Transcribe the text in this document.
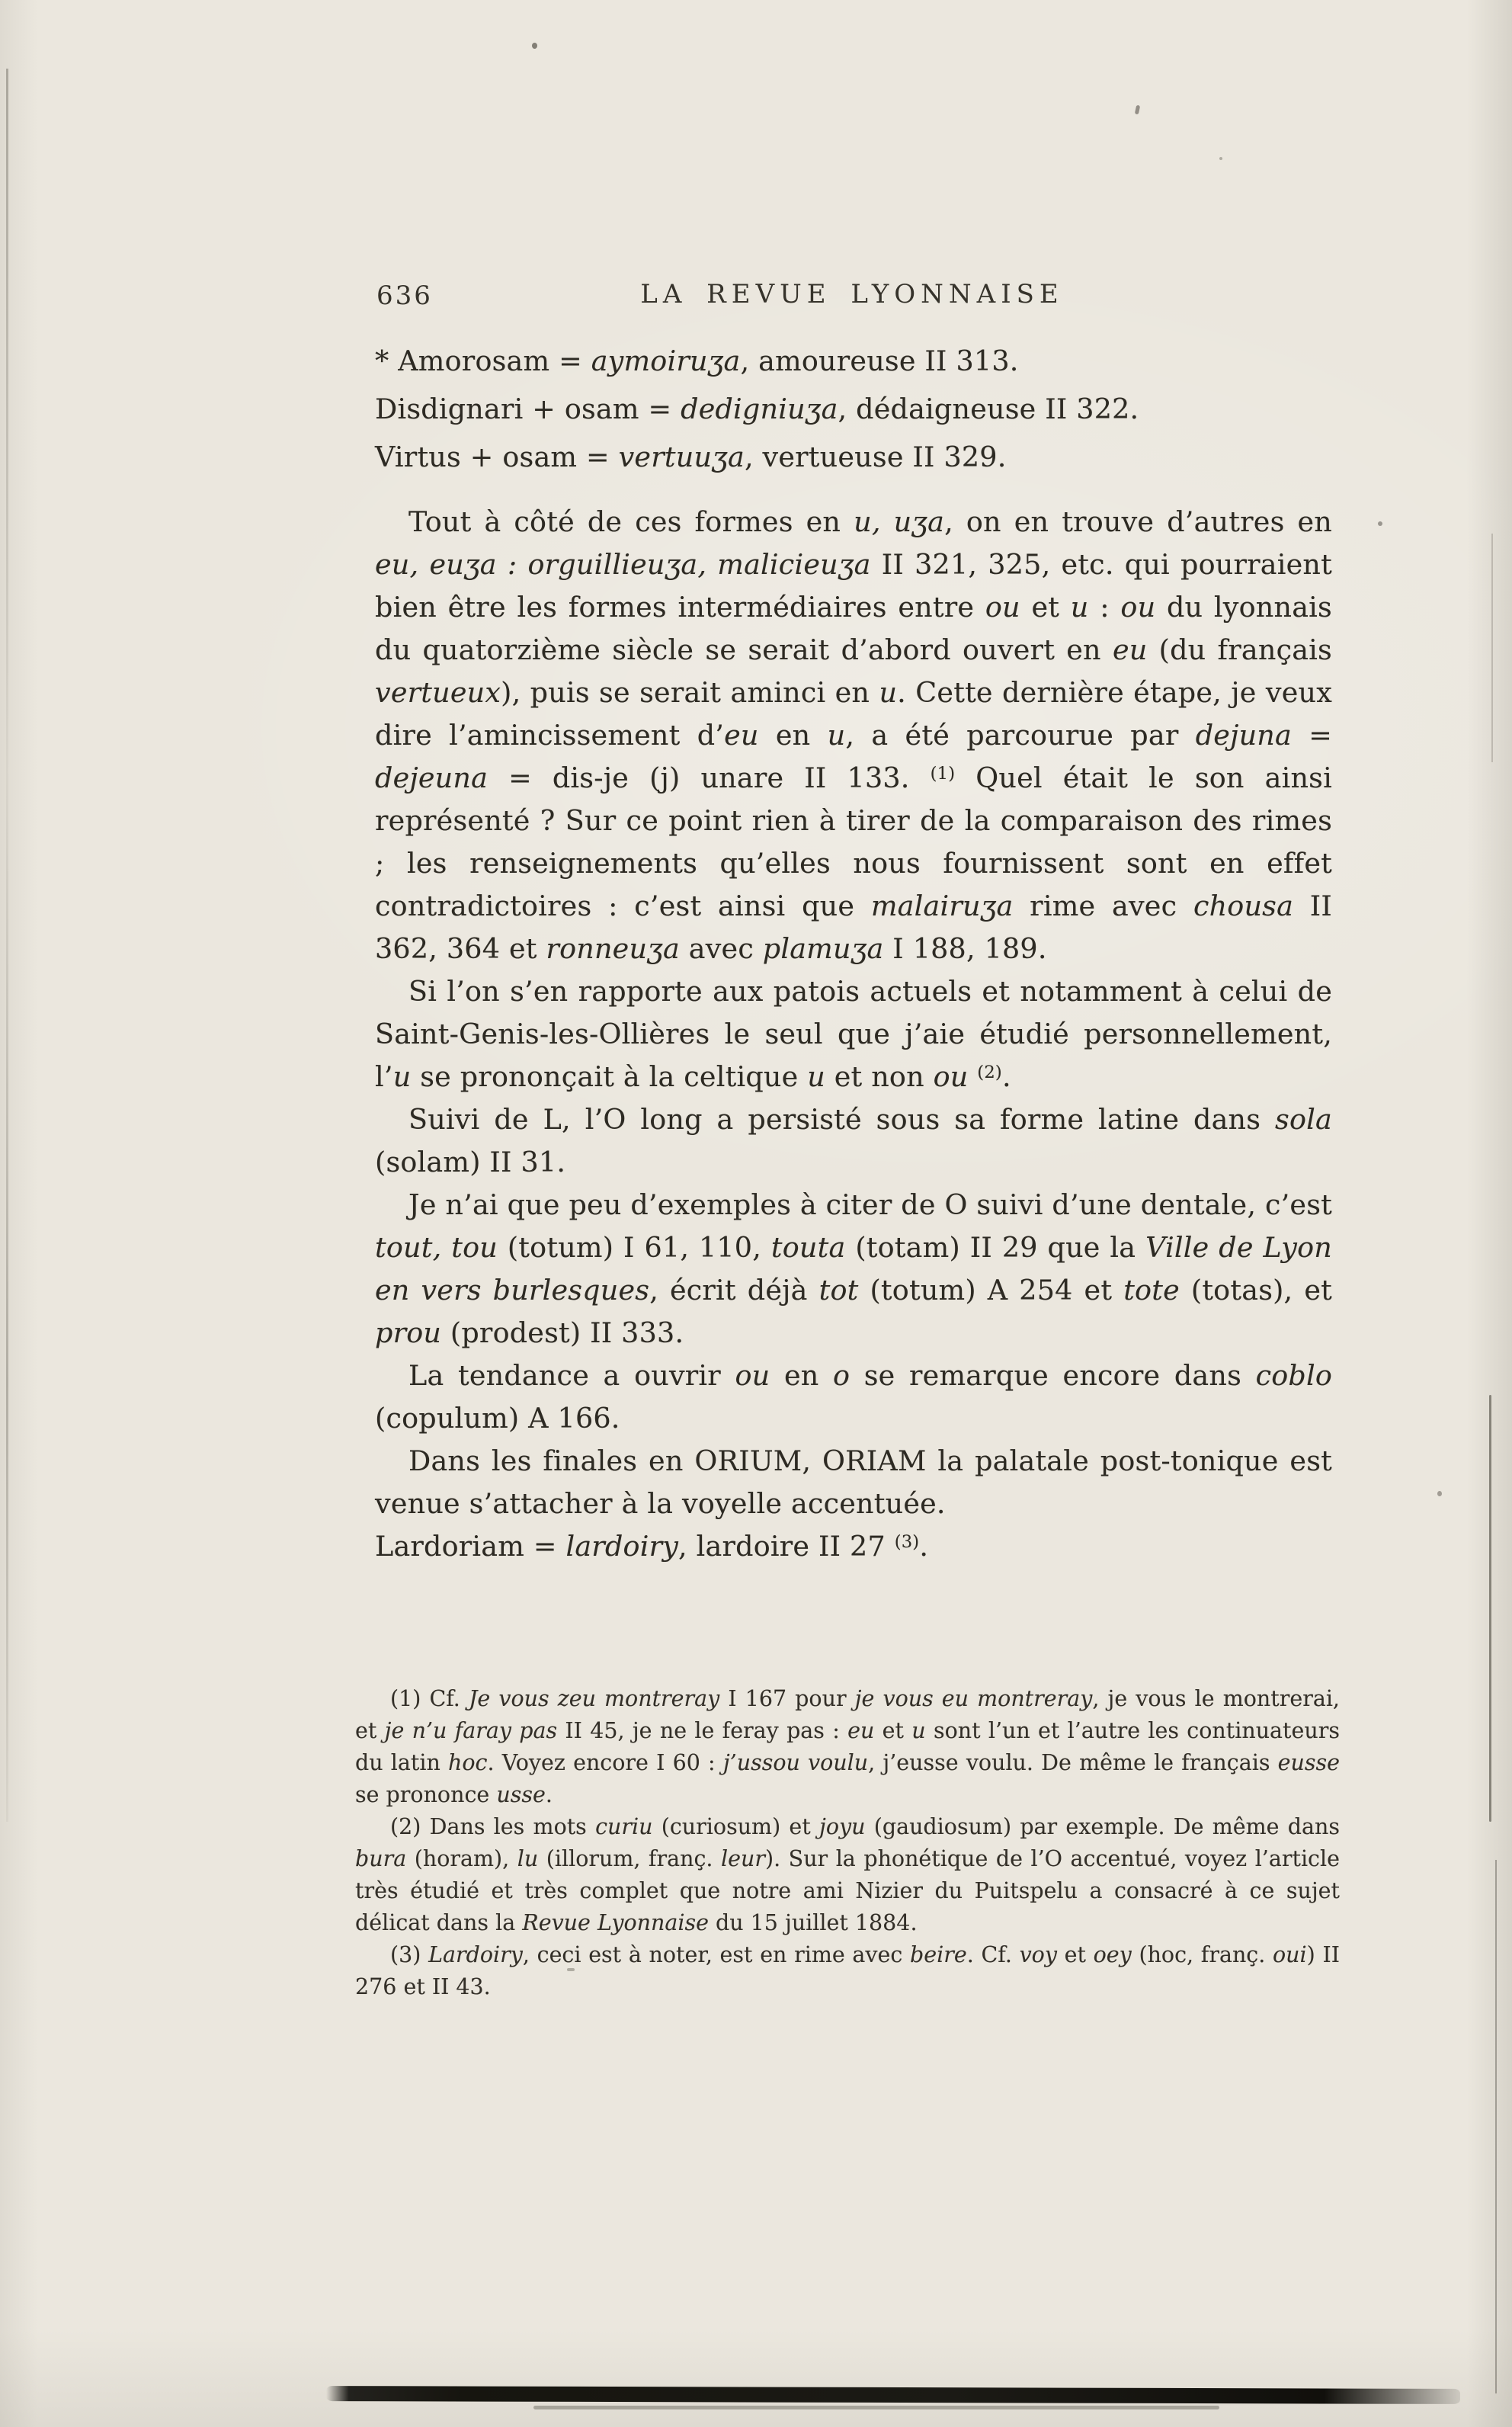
636	LA REVUE LYONNAISE

* Amorosam = aymoiruʒa, amoureuse II 313.

Disdignari + osam = dedigniuʒa, dédaigneuse II 322.

Virtus + osam = vertuuʒa, vertueuse II 329.

Tout à côté de ces formes en u, uʒa, on en trouve d’autres en eu, euʒa : orguillieuʒa, malicieuʒa II 321, 325, etc. qui pourraient bien être les formes intermédiaires entre ou et u : ou du lyonnais du quatorzième siècle se serait d’abord ouvert en eu (du français vertueux), puis se serait aminci en u. Cette dernière étape, je veux dire l’amincissement d’eu en u, a été parcourue par dejuna = dejeuna = dis-je (j) unare II 133. $^{(1)}$ Quel était le son ainsi représenté ? Sur ce point rien à tirer de la comparaison des rimes ; les renseignements qu’elles nous fournissent sont en effet contradictoires : c’est ainsi que malairuʒa rime avec chousa II 362, 364 et ronneuʒa avec plamuʒa I 188, 189.

Si l’on s’en rapporte aux patois actuels et notamment à celui de Saint-Genis-les-Ollières le seul que j’aie étudié personnellement, l’u se prononçait à la celtique u et non ou $^{(2)}$.

Suivi de L, l’O long a persisté sous sa forme latine dans sola (solam) II 31.

Je n’ai que peu d’exemples à citer de O suivi d’une dentale, c’est tout, tou (totum) I 61, 110, touta (totam) II 29 que la Ville de Lyon en vers burlesques, écrit déjà tot (totum) A 254 et tote (totas), et prou (prodest) II 333.

La tendance a ouvrir ou en o se remarque encore dans coblo (copulum) A 166.

Dans les finales en ORIUM, ORIAM la palatale post-tonique est venue s’attacher à la voyelle accentuée.

Lardoriam = lardoiry, lardoire II 27 $^{(3)}$.

(1) Cf. Je vous zeu montreray I 167 pour je vous eu montreray, je vous le montrerai, et je n’u faray pas II 45, je ne le feray pas : eu et u sont l’un et l’autre les continuateurs du latin hoc. Voyez encore I 60 : j’ussou voulu, j’eusse voulu. De même le français eusse se prononce usse.

(2) Dans les mots curiu (curiosum) et joyu (gaudiosum) par exemple. De même dans bura (horam), lu (illorum, franç. leur). Sur la phonétique de l’O accentué, voyez l’article très étudié et très complet que notre ami Nizier du Puitspelu a consacré à ce sujet délicat dans la Revue Lyonnaise du 15 juillet 1884.

(3) Lardoiry, ceci est à noter, est en rime avec beire. Cf. voy et oey (hoc, franç. oui) II 276 et II 43.
